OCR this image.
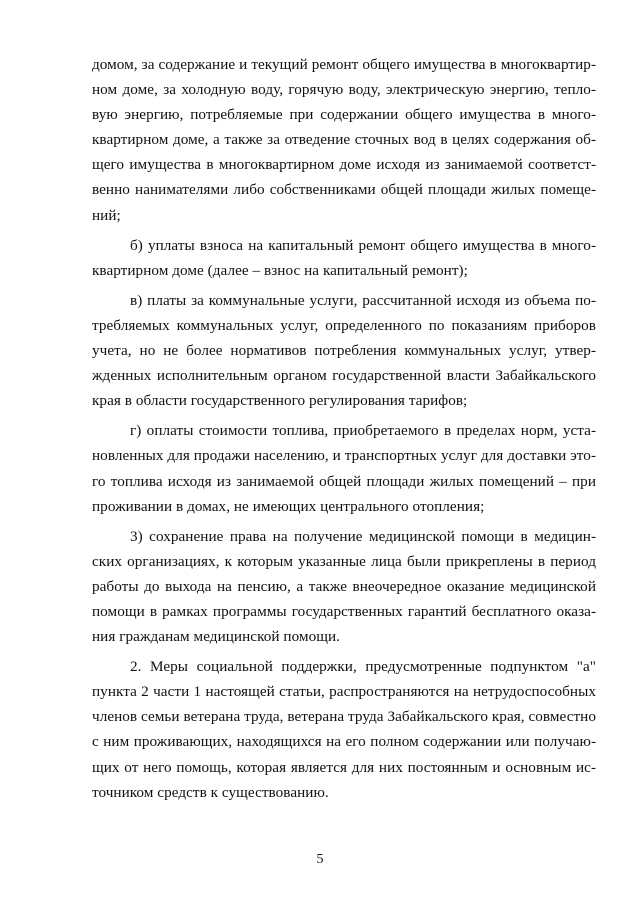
домом, за содержание и текущий ремонт общего имущества в многоквартирном доме, за холодную воду, горячую воду, электрическую энергию, тепловую энергию, потребляемые при содержании общего имущества в многоквартирном доме, а также за отведение сточных вод в целях содержания общего имущества в многоквартирном доме исходя из занимаемой соответственно нанимателями либо собственниками общей площади жилых помещений;

б) уплаты взноса на капитальный ремонт общего имущества в многоквартирном доме (далее – взнос на капитальный ремонт);

в) платы за коммунальные услуги, рассчитанной исходя из объема потребляемых коммунальных услуг, определенного по показаниям приборов учета, но не более нормативов потребления коммунальных услуг, утвержденных исполнительным органом государственной власти Забайкальского края в области государственного регулирования тарифов;

г) оплаты стоимости топлива, приобретаемого в пределах норм, установленных для продажи населению, и транспортных услуг для доставки этого топлива исходя из занимаемой общей площади жилых помещений – при проживании в домах, не имеющих центрального отопления;

3) сохранение права на получение медицинской помощи в медицинских организациях, к которым указанные лица были прикреплены в период работы до выхода на пенсию, а также внеочередное оказание медицинской помощи в рамках программы государственных гарантий бесплатного оказания гражданам медицинской помощи.

2. Меры социальной поддержки, предусмотренные подпунктом "а" пункта 2 части 1 настоящей статьи, распространяются на нетрудоспособных членов семьи ветерана труда, ветерана труда Забайкальского края, совместно с ним проживающих, находящихся на его полном содержании или получающих от него помощь, которая является для них постоянным и основным источником средств к существованию.

5
